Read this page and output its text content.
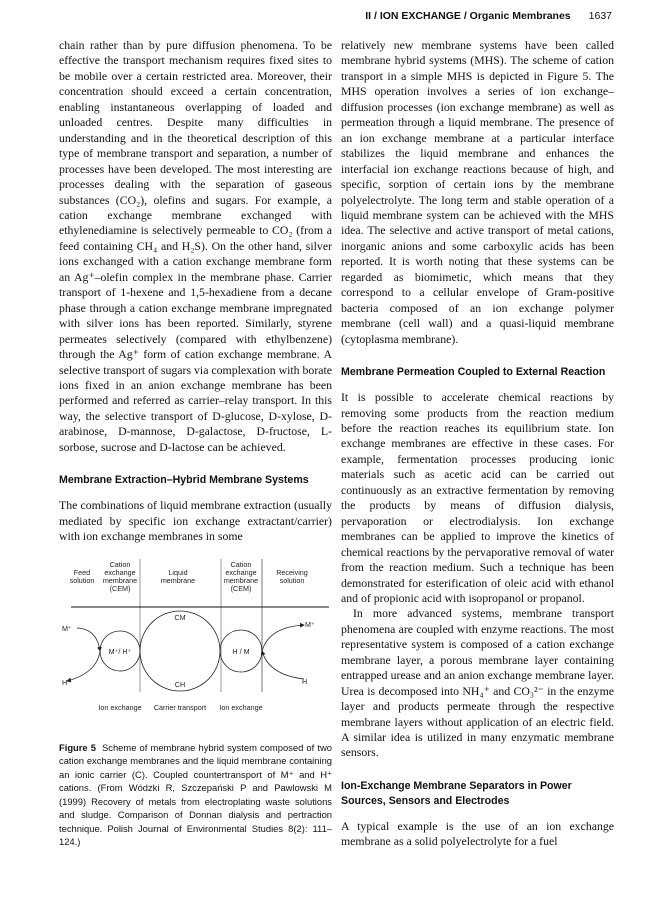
II / ION EXCHANGE / Organic Membranes 1637

chain rather than by pure diffusion phenomena. To be effective the transport mechanism requires fixed sites to be mobile over a certain restricted area. Moreover, their concentration should exceed a certain concentration, enabling instantaneous overlapping of loaded and unloaded centres. Despite many difficulties in understanding and in the theoretical description of this type of membrane transport and separation, a number of processes have been developed. The most interesting are processes dealing with the separation of gaseous substances (CO₂), olefins and sugars. For example, a cation exchange membrane exchanged with ethylenediamine is selectively permeable to CO₂ (from a feed containing CH₄ and H₂S). On the other hand, silver ions exchanged with a cation exchange membrane form an Ag⁺–olefin complex in the membrane phase. Carrier transport of 1-hexene and 1,5-hexadiene from a decane phase through a cation exchange membrane impregnated with silver ions has been reported. Similarly, styrene permeates selectively (compared with ethylbenzene) through the Ag⁺ form of cation exchange membrane. A selective transport of sugars via complexation with borate ions fixed in an anion exchange membrane has been performed and referred as carrier–relay transport. In this way, the selective transport of D-glucose, D-xylose, D-arabinose, D-mannose, D-galactose, D-fructose, L-sorbose, sucrose and D-lactose can be achieved.

Membrane Extraction–Hybrid Membrane Systems

The combinations of liquid membrane extraction (usually mediated by specific ion exchange extractant/carrier) with ion exchange membranes in some

M⁺
H⁺
M⁺
H
M⁺/ H⁺	H / M
CM
CH
Ion exchange Carrier transport Ion exchange
Feed solution
Cation exchange membrane (CEM)
Liquid membrane
Cation exchange membrane (CEM)
Receiving solution
Figure 5 Scheme of membrane hybrid system composed of two cation exchange membranes and the liquid membrane containing an ionic carrier (C). Coupled countertransport of M⁺ and H⁺ cations. (From Wódzki R, Szczepański P and Pawlowski M (1999) Recovery of metals from electroplating waste solutions and sludge. Comparison of Donnan dialysis and pertraction technique. Polish Journal of Environmental Studies 8(2): 111–124.)

relatively new membrane systems have been called membrane hybrid systems (MHS). The scheme of cation transport in a simple MHS is depicted in Figure 5. The MHS operation involves a series of ion exchange–diffusion processes (ion exchange membrane) as well as permeation through a liquid membrane. The presence of an ion exchange membrane at a particular interface stabilizes the liquid membrane and enhances the interfacial ion exchange reactions because of high, and specific, sorption of certain ions by the membrane polyelectrolyte. The long term and stable operation of a liquid membrane system can be achieved with the MHS idea. The selective and active transport of metal cations, inorganic anions and some carboxylic acids has been reported. It is worth noting that these systems can be regarded as biomimetic, which means that they correspond to a cellular envelope of Gram-positive bacteria composed of an ion exchange polymer membrane (cell wall) and a quasi-liquid membrane (cytoplasma membrane).

Membrane Permeation Coupled to External Reaction

It is possible to accelerate chemical reactions by removing some products from the reaction medium before the reaction reaches its equilibrium state. Ion exchange membranes are effective in these cases. For example, fermentation processes producing ionic materials such as acetic acid can be carried out continuously as an extractive fermentation by removing the products by means of diffusion dialysis, pervaporation or electrodialysis. Ion exchange membranes can be applied to improve the kinetics of chemical reactions by the pervaporative removal of water from the reaction medium. Such a technique has been demonstrated for esterification of oleic acid with ethanol and of propionic acid with isopropanol or propanol.

In more advanced systems, membrane transport phenomena are coupled with enzyme reactions. The most representative system is composed of a cation exchange membrane layer, a porous membrane layer containing entrapped urease and an anion exchange membrane layer. Urea is decomposed into NH₄⁺ and CO₃²⁻ in the enzyme layer and products permeate through the respective membrane layers without application of an electric field. A similar idea is utilized in many enzymatic membrane sensors.

Ion-Exchange Membrane Separators in Power Sources, Sensors and Electrodes

A typical example is the use of an ion exchange membrane as a solid polyelectrolyte for a fuel
